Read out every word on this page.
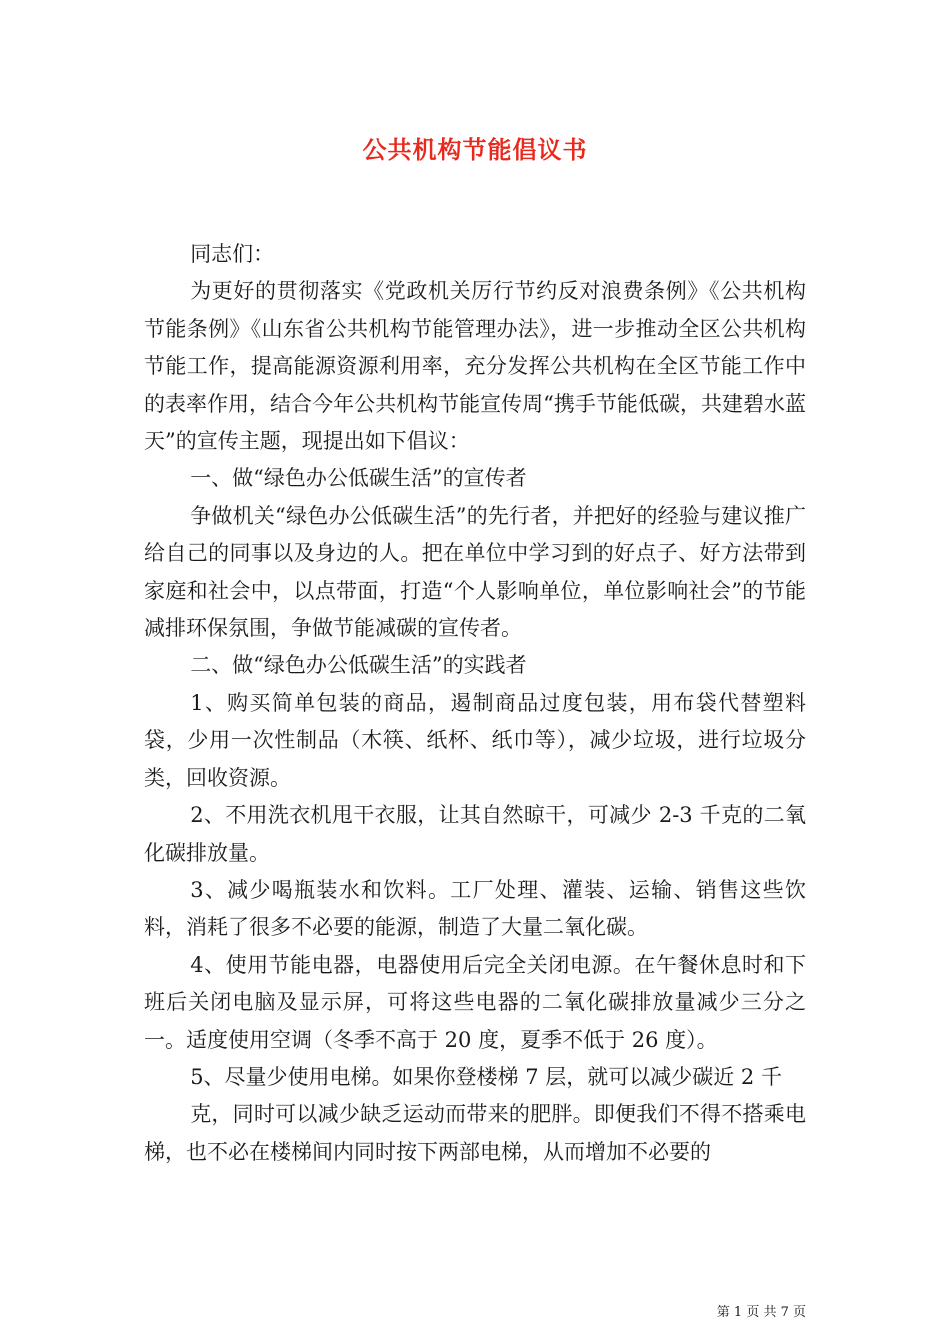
公共机构节能倡议书

同志们：

为更好的贯彻落实《党政机关厉行节约反对浪费条例》《公共机构节能条例》《山东省公共机构节能管理办法》，进一步推动全区公共机构节能工作，提高能源资源利用率，充分发挥公共机构在全区节能工作中的表率作用，结合今年公共机构节能宣传周“携手节能低碳，共建碧水蓝天”的宣传主题，现提出如下倡议：

一、做“绿色办公低碳生活”的宣传者

争做机关“绿色办公低碳生活”的先行者，并把好的经验与建议推广给自己的同事以及身边的人。把在单位中学习到的好点子、好方法带到家庭和社会中，以点带面，打造“个人影响单位，单位影响社会”的节能减排环保氛围，争做节能减碳的宣传者。

二、做“绿色办公低碳生活”的实践者

1、购买简单包装的商品，遏制商品过度包装，用布袋代替塑料袋，少用一次性制品（木筷、纸杯、纸巾等），减少垃圾，进行垃圾分类，回收资源。

2、不用洗衣机甩干衣服，让其自然晾干，可减少 2-3 千克的二氧化碳排放量。

3、减少喝瓶装水和饮料。工厂处理、灌装、运输、销售这些饮料，消耗了很多不必要的能源，制造了大量二氧化碳。

4、使用节能电器，电器使用后完全关闭电源。在午餐休息时和下班后关闭电脑及显示屏，可将这些电器的二氧化碳排放量减少三分之一。适度使用空调（冬季不高于 20 度，夏季不低于 26 度）。

5、尽量少使用电梯。如果你登楼梯 7 层，就可以减少碳近 2 千

克，同时可以减少缺乏运动而带来的肥胖。即便我们不得不搭乘电梯，也不必在楼梯间内同时按下两部电梯，从而增加不必要的

第 1 页 共 7 页
